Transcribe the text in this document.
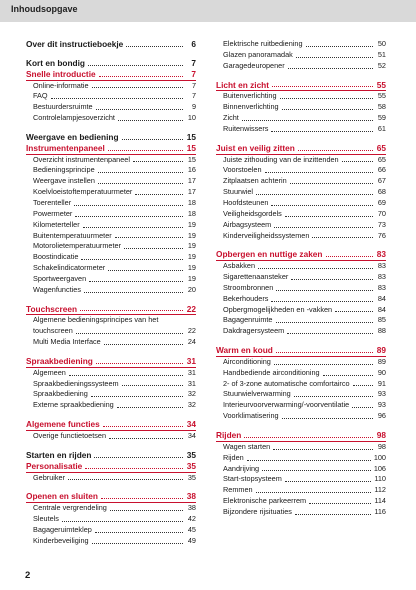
Inhoudsopgave
Over dit instructieboekje	6
Kort en bondig	7
Snelle introductie	7
Online-informatie	7
FAQ	7
Bestuurdersruimte	9
Controlelampjesoverzicht	10
Weergave en bediening	15
Instrumentenpaneel	15
Overzicht instrumentenpaneel	15
Bedieningsprincipe	16
Weergave instellen	17
Koelvloeistoftemperatuurmeter	17
Toerenteller	18
Powermeter	18
Kilometerteller	19
Buitentemperatuurmeter	19
Motorolietemperatuurmeter	19
Boostindicatie	19
Schakelindicatormeter	19
Sportweergaven	19
Wagenfuncties	20
Touchscreen	22
Algemene bedieningsprincipes van het
touchscreen	22
Multi Media Interface	24
Spraakbediening	31
Algemeen	31
Spraakbedieningssysteem	31
Spraakbediening	32
Externe spraakbediening	32
Algemene functies	34
Overige functietoetsen	34
Starten en rijden	35
Personalisatie	35
Gebruiker	35
Openen en sluiten	38
Centrale vergrendeling	38
Sleutels	42
Bagageruimteklep	45
Kinderbeveiliging	49
Elektrische ruitbediening	50
Glazen panoramadak	51
Garagedeuropener	52
Licht en zicht	55
Buitenverlichting	55
Binnenverlichting	58
Zicht	59
Ruitenwissers	61
Juist en veilig zitten	65
Juiste zithouding van de inzittenden	65
Voorstoelen	66
Zitplaatsen achterin	67
Stuurwiel	68
Hoofdsteunen	69
Veiligheidsgordels	70
Airbagsysteem	73
Kinderveiligheidssystemen	76
Opbergen en nuttige zaken	83
Asbakken	83
Sigarettenaansteker	83
Stroombronnen	83
Bekerhouders	84
Opbergmogelijkheden en -vakken	84
Bagagenruimte	85
Dakdragersysteem	88
Warm en koud	89
Airconditioning	89
Handbediende airconditioning	90
2- of 3-zone automatische comfortairco	91
Stuurwielverwarming	93
Interieurvoorverwarming/-voorventilatie	93
Voorklimatisering	96
Rijden	98
Wagen starten	98
Rijden	100
Aandrijving	106
Start-stopsysteem	110
Remmen	112
Elektronische parkeerrem	114
Bijzondere rijsituaties	116
2
